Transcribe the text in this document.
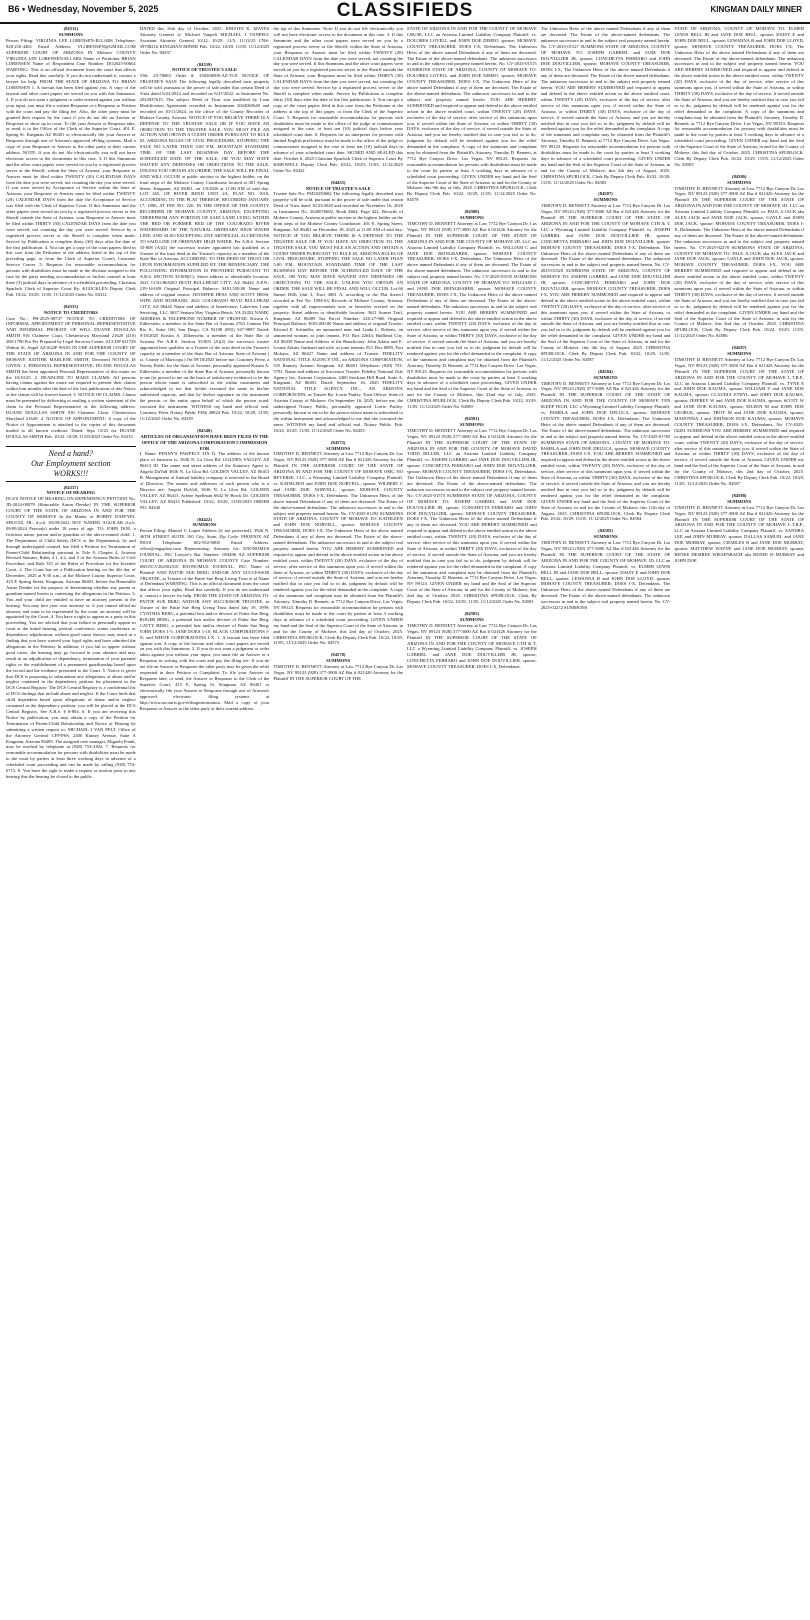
B6 • Wednesday, November 5, 2025	CLASSIFIEDS	KINGMAN DAILY MINER
(84312)
SUMMONS
Person Filing: VIRGINIA LEE LORENSEN-ELLARS Telephone: 928-216-4461 Email Address: VLORENSEN@GMAIL.COM SUPERIOR COURT OF ARIZONA IN Mohave COUNTY VIRGINIA LEE LORENSEN-ELLARS Name of Petitioner BRIAN LORENSEN Name of Respondent Case Number: DO2025-00602 WARNING: This is an official document from the court that affects your rights. Read this carefully. If you do not understand it, contact a lawyer for help. FROM THE STATE OF ARIZONA TO: BRIAN LORENSEN 1. A lawsuit has been filed against you. A copy of the lawsuit and other court papers are served on you with this Summons. 2. If you do not want a judgment or order entered against you without your input, you must file a written Response or a Response to Petition with the court and pay the filing fee. Also, the other party must be granted their request by the court if you do not file an Answer or Response or show up in court. To file your Answer or Response take, or send, it to the Office of the Clerk of the Superior Court, 401 E. Spring St. Kingman AZ 86401 or electronically file your Answer or Response through one of Arizona's approved eFiling systems. Mail a copy of your Response or Answer to the other party at their current address. NOTE: If you do not file electronically you will not have electronic access to the documents in this case. 3. If this Summons and the other court papers were served on you by a registered process server or the Sheriff, within the State of Arizona, your Response or Answer must be filed within TWENTY (20) CALENDAR DAYS from the date you were served, not counting the day you were served. If you were served by Acceptance of Service within the State of Arizona, your Response or Answer must be filed within TWENTY (20) CALENDAR DAYS from the date the Acceptance of Service was filed with the Clerk of Superior Court. If this Summons and the other papers were served on you by a registered process server or the Sheriff outside the State of Arizona, your Response or Answer must be filed within THIRTY (30) CALENDAR DAYS from the date you were served, not counting the day you were served. Service by a registered process server or the Sheriff is complete when made. Service by Publication is complete thirty (30) days after the date of the first publication. 4. You can get a copy of the court papers filed in this case from the Petitioner at the address listed at the top of the preceding page, or from the Clerk of Superior Court's Customer Service Center. 5. Requests for reasonable accommodation for persons with disabilities must be made to the division assigned to the case by the party needing accommodation or his/her counsel at least three (3) judicial days in advance of a scheduled proceeding. Christina Spurlock Clerk of Superior Court By: KGOCKLEN Deputy Clerk Pub. 10/22, 10/29, 11/05, 11/12/2025 Order No. 84312
(84333)
NOTICE TO CREDITORS
Case No.: PB-2025-00737 NOTICE TO CREDITORS OF INFORMAL APPOINTMENT OF PERSONAL REPRESENTATIVE AND INFORMAL PROBATE OF WILL DUANE DOUGLAS SMITH 916 Claimere Court, Chestertown Maryland 21620 (410) 280-1790 Pro Per Prepared by Legal Services Center, ACCDP #31738 Walnut St, Angel AZ1622P 90165 IN THE SUPERIOR COURT OF THE STATE OF ARIZONA IN AND FOR THE COUNTY OF MOHAVE JUDITHE MARLENE SMITH, Deceased NOTICE IS GIVEN: 1. PERSONAL REPRESENTATIVE: DUANE DOUGLAS SMITH has been appointed Personal Representative of this estate on the 10/10/25. 2. DEADLINE TO MAKE CLAIMS: All persons having claims against the estate are required to present their claims within four months after the date of the first publication of this Notice or the claims will be forever barred. 3. NOTICE OF CLAIMS: Claims must be presented by delivering or mailing a written statement of the claim to the Personal Representative at the following address: DUANE DOUGLAS SMITH 916 Claimere Close, Chestertown Maryland 21620. 4. NOTICE OF APPOINTMENT: A copy of the Notice of Appointment is attached to the copies of this document mailed to all known creditors. Dated: Sept 15/25 for DUANE DOUGLAS SMITH Pub. 10/22, 10/29, 11/05/2025 Order No. 84333
Need a hand?
Our Employment section
WORKS!!!
(84337)
NOTICE OF HEARING
DCS'S NOTICE OF HEARING ON DEPENDENCY PETITION No. JD-2024-00079 (Honorable Aaron Demke) IN THE SUPERIOR COURT OF THE STATE OF ARIZONA IN AND FOR THE COUNTY OF MOHAVE In the Matter of BOBBY DAFFYEL SHULTZ, JR., d.o.b. 05/09/2022 NOT NAMED AGUILAR d.o.b. 09/09/2024 Person(s) under 18 years of age. TO: JOHN DOE, a fictitious name, parent and/or guardian of the above-named child. 1. The Department of Child Safety (DCS or the Department), by and through undersigned counsel, has filed a Petition for Termination of Parent-Child Relationship pursuant to Title 8, Chapter 4, Arizona Revised Statutes, Rules 4.1, 4.2, and 5 of the Arizona Rules of Civil Procedure, and Rule 351 of the Rules of Procedure for the Juvenile Court. 2. The Court has set a Publication hearing on the 4th day of December, 2025 at 9:30 a.m., at the Mohave County Superior Court, 415 E Spring Street, Kingman, Arizona 86401, before the Honorable Aaron Demke for the purpose of determining whether any parent or guardian named herein is contesting the allegations in the Petition. 3. You and your child are entitled to have an attorney present at the hearing. You may hire your own attorney or, if you cannot afford an attorney and want to be represented by the court, an attorney will be appointed by the Court. 4. You have a right to appear as a party in this proceeding. You are advised that your failure to personally appear in court at the initial hearing, pretrial conference, status conference or dependency adjudication, without good cause shown, may result in a finding that you have waived your legal rights and have admitted the allegations in the Petition. In addition, if you fail to appear without good cause, the hearing may go forward in your absence and may result in an adjudication of dependency, termination of your parental rights or the establishment of a permanent guardianship based upon the record and the evidence presented to the Court. 5. Notice is given that DCS is proposing to substantiate any allegations of abuse and/or neglect contained in the dependency petition for placement in the DCS Central Registry. The DCS Central Registry is a confidential list of DCS findings that include abuse and neglect. If the Court finds that child dependent based upon allegations of abuse and/or neglect contained in the dependency petition, you will be placed in the DCS Central Registry. See A.R.S. § 8-804. 6. If you are receiving this Notice by publication, you may obtain a copy of the Petition for Termination of Parent-Child Relationship and Notice of Hearing by submitting a written request to: MICHAEL J VAN PELT, Office of the Attorney General CFP/PSS, 2400 Kinney Avenue, Suite A Kingman, Arizona 86409. The assigned case manager, Miguela Frank, may be reached by telephone at (928) 753-2302. 7. Requests for reasonable accommodation for persons with disabilities must be made to the court by parties at least three working days in advance of a scheduled court proceeding and can be made by calling (928) 753-0713. 8. You have the right to make a request or motion prior to any hearing that the hearing be closed to the public.
DATED this 16th day of October, 2025. KRISTIN K. MAYES Attorney General /s/ Michael Vanpelt MICHAEL J VANPELT Assistant Attorney General 10/22, 10/29, 11/5, 11/12/25 CNS-3970821# KINGMAN MINER Pub. 10/22, 10/29, 11/05, 11/12/2025 Order No. 84337
(84339)
NOTICE OF TRUSTEE'S SALE
TS#: 25-78683 Order #: 250200000-AZ-VOI NOTICE OF TRUSTEE'S SALE The following legally described trust property will be sold, pursuant to the power of sale under that certain Deed of Trust dated 6/22/2022 and recorded on 6/27/2022, as Instrument No. 2022037615, The subject Deed of Trust was modified by Loan Modification Agreement recorded as Instrument 2024065649 and recorded on 10/11/2024, in the office of the County Recorder of Mohave County, Arizona. NOTICE! IF YOU BELIEVE THERE IS A DEFENSE TO THE TRUSTEE SALE OR IF YOU HAVE AN OBJECTION TO THE TRUSTEE SALE, YOU MUST FILE AN ACTION AND OBTAIN A COURT ORDER PURSUANT TO RULE 65, ARIZONA RULES OF CIVIL PROCEDURE, STOPPING THE SALE NO LATER THAN 5:00 P.M. MOUNTAIN STANDARD TIME OF THE LAST BUSINESS DAY BEFORE THE SCHEDULED DATE OF THE SALE, OR YOU MAY HAVE WAIVED ANY DEFENSES OR OBJECTIONS TO THE SALE. UNLESS YOU OBTAIN AN ORDER, THE SALE WILL BE FINAL AND WILL OCCUR at public auction to the highest bidder, on the front steps of the Mohave County Courthouse located at 401 Spring Street, Kingman, AZ 86401, on 1/8/2026 at 11:00 AM of said day: LOT 265, OF RIVER BEND UNIT 2A, PLAT NO. 1010, ACCORDING TO THE PLAT THEREOF, RECORDED JANUARY 17, 1986, AT FEE NO. 220, IN THE OFFICE OF THE COUNTY RECORDER OF MOHAVE COUNTY, ARIZONA; EXCEPTING THEREFROM ANY PORTION OF SAID LAND LYING WITHIN THE BED OR FORMER BED OF THE COLORADO RIVER WATERWARD OF THE NATURAL ORDINARY HIGH WATER LINE; AND ALSO EXCEPTING ANY ARTIFICIAL ACCRETIONS TO SAID LINE OF ORDINARY HIGH WATER. Per A.R.S. Section 33-808 (A)(2) the successor trustee appointed has qualified as a Trustee of the trust deed in the Trustee's capacity as a member of the State Bar of Arizona. ACCORDING TO THE DEED OF TRUST OR UPON INFORMATION SUPPLIED BY THE BENEFICIARY. THE FOLLOWING INFORMATION IS PROVIDED PURSUANT TO A.R.S. SECTION 33-808(C): Street address or identifiable location: 2621 COLORADO BLVD BULLHEAD CITY, AZ 86442 A.P.N.: 219-14-049 Original Principal Balance: $181,550.00 Name and address of original trustor: JENNIFER HESS AND SCOTT HESS, WIFE AND HUSBAND, 2621 COLORADO BLVD BULLHEAD CITY, AZ 86442 Name and address of beneficiary: Lakeview Loan Servicing, LLC 3637 Sentara Way Virginia Beach, VA 23452 NAME, ADDRESS & TELEPHONE NUMBER OF TRUSTEE: Kristin A. Zilberstein, a member of the State Bar of Arizona 2763 Camino Del Rio S., Suite 100, San Diego, CA 92108 (855) 347-9887 Dated: 9/18/2025 Kristin A. Zilberstein, a member of the State Bar of Arizona Per A.R.S. Section 33-803 (A)(2) the successor trustee appointed here qualifies as a Trustee of the trust deed in the Trustee's capacity as a member of the State Bar of Arizona. State of Arizona ) ss. County of Maricopa ) On 09/18/2025 before me, Courtney Perez, a Notary Public for the State of Arizona, personally appeared Kristin A. Zilberstein, a member of the State Bar of Arizona, personally known to me (or proved to me on the basis of satisfactory evidence) to be the person whose name is subscribed to the within instrument and acknowledged to me that he/she executed the same in his/her authorized capacity, and that by his/her signature on the instrument the person, or the entity upon behalf of which the person acted, executed the instrument. WITNESS my hand and official seal. Courtney Perez Notary Public FEI# 49824 Pub. 10/22, 10/29, 11/05, 11/12/2025 Order No. 84339
(84340)
ARTICLES OF ORGANIZATION HAVE BEEN FILED IN THE OFFICE OF THE ARIZONA CORPORATION COMMISSION FOR
I. Name: PENNY'S PAWFECT TIX II. The address of the known place of business is: 3636 N. La Gloa Rd. GOLDEN VALLEY, AZ 86413 III. The name and street address of the Statutory Agent is: Angela DuVall 3636 N. La Gloa Rd. GOLDEN VALLEY, AZ 86413 B. Management of limited liability company is reserved to the Board of Directors. The names and addresses of each person who is a Director are: Angela DuVall, 3636 N. La Gloa Rd, GOLDEN VALLEY, AZ 86413, Arlene Spellman 6642 W Brock Dr. GOLDEN VALLEY, AZ 86413 Published: 10/22, 10/29, 11/05/2025 ORDER NO. 84340
(84422)
SUMMONS
Person Filing: Manuel C Lopez Address (if not protected): 3926 N. 46TH STREET SUITE 100 City, State, Zip Code: PHOENIX AZ 85018 Telephone: 602-952-0000 Email Address: office@engaplaw.com Representing: Attorney for: ENONOMUS JOURNAL, INC Lawyer's Bar Number: 004496 AZ SUPERIOR COURT OF ARIZONA IN MOHAVE COUNTY Case Number: S8015CV202502510 ENONOMUS JOURNAL, INC Name of Plaintiff AND PATTIE SUE BERG AND/OR ANY SUCCESSOR TRUSTEE, as Trustee of the Pattie Sue Berg Living Trust et al Name of Defendant WARNING: This is an official document from the court that affects your rights. Read this carefully. If you do not understand it, contact a lawyer for help. FROM THE STATE OF ARIZONA TO: PATTIE SUE BERG AND/OR ANY SUCCESSOR TRUSTEE, as Trustee of the Pattie Sue Berg Living Trust dated July 19, 1999; CYNTHIA BERG, a potential heir and/or devisee of Pattie Sue Berg; ROGER BERG, a potential heir and/or devisee of Pattie Sue Berg; CATTY BERG, a potential heir and/or devisee of Pattie Sue Berg; JOHN DOES 1-5; JANE DOES 1-10; BLACK CORPORATIONS I-X; and WHITE CORPORATIONS I-X. 1. A lawsuit has been filed against you. A copy of the lawsuit and other court papers are served on you with this Summons. 2. If you do not want a judgment or order taken against you without your input, you must file an Answer or a Response in writing with the court and pay the filing fee. If you do not file an Answer or Response the other party may be given the relief requested in their Petition or Complaint. To file your Answer or Response take, or send, the Answer or Response to the Clerk of the Superior Court, 415 E. Spring St. Kingman AZ 86401 or electronically file your Answer or Response through one of Arizona's approved electronic filing systems at http://www.azcourts.gov/efilinginformation. Mail a copy of your Response or Answer to the other party at their current address.
the top of this Summons. Note: If you do not file electronically you will not have electronic access to the document in this case. 3. If this Summons and the other court papers were served on you by a registered process server or the Sheriff, within the State of Arizona, your Response or Answer must be filed within TWENTY (20) CALENDAR DAYS from the date you were served, not counting the day you were served. If this Summons and the other court papers were served on you by a registered process server or the Sheriff outside the State of Arizona, your Response must be filed within THIRTY (30) CALENDAR DAYS from the date you were served, not counting the day you were served. Service by a registered process server or the Sheriff is complete when made. Service by Publication is complete thirty (30) days after the date of the first publication. 4. You can get a copy of the court papers filed in this case from the Petitioner at the address at the top of this paper, or from the Clerk of the Superior Court. 5. Requests for reasonable accommodation for persons with disabilities must be made to the office of the judge or commissioner assigned to the case, at least ten (10) judicial days before your scheduled court date. 6. Requests for an interpreter for persons with limited English proficiency must be made to the office of the judge or commissioner assigned to the case at least ten (10) judicial days in advance of your scheduled court date. SIGNED AND SEALED this date: October 6, 2025 Christina Spurlock Clerk of Superior Court By KSHOWELL Deputy Clerk Pub. 10/22, 10/29, 11/05, 11/12/2025 Order No. 84422
(84455)
NOTICE OF TRUSTEE'S SALE
Trustee Sale No: FM10250682 The following legally described trust property will be sold, pursuant to the power of sale under that certain Deed of Trust dated 10/23/2020 and recorded on November 16, 2020 in Instrument No. 2020076682, Book 4664, Page 422, Records of Mohave County, Arizona at public auction to the highest bidder on the front steps of the Mohave County Courthouse, 401 E. Spring Street, Kingman, AZ 86401 on December 18, 2025 at 11:00 AM of said day: NOTICE! IF YOU BELIEVE THERE IS A DEFENSE TO THE TRUSTEE SALE OR IF YOU HAVE AN OBJECTION TO THE TRUSTEE SALE, YOU MUST FILE AN ACTION AND OBTAIN A COURT ORDER PURSUANT TO RULE 65, ARIZONA RULES OF CIVIL PROCEDURE, STOPPING THE SALE NO LATER THAN 5:00 P.M. MOUNTAIN STANDARD TIME OF THE LAST BUSINESS DAY BEFORE THE SCHEDULED DATE OF THE SALE, OR YOU MAY HAVE WAIVED ANY DEFENSES OR OBJECTIONS TO THE SALE. UNLESS YOU OBTAIN AN ORDER, THE SALE WILL BE FINAL AND WILL OCCUR. Lot 66 Sunset Hills Unit 3, Tract 4061 A, according to the Plat thereof recorded at Fee No. 1994-63, Records of Mohave County, Arizona; together with all improvements now or hereafter erected on the property. Street address or identifiable location: 3621 Sunset Trail, Kingman, AZ 86409 Tax Parcel Number: 226-27-066 Original Principal Balance: $105,000.00 Name and address of original Trustor: Edward E. Schindler, an unmarried man and Linda L. Roberts, an unmarried woman, as joint tenants, P.O. Box 22643, Bullhead City, AZ 86439 Name and Address of the Beneficiary: John Atkins and E. Louise Atkins, husband and wife, as joint tenants, P.O. Box 8085, Fort Mohave, AZ 86427 Name and address of Trustee: FIDELITY NATIONAL TITLE AGENCY INC, an ARIZONA CORPORATION, 535 Ramsey Avenue, Kingman, AZ 86401 Telephone: (928) 753-5791. Name and address of Successor Trustee: Fidelity National Title Agency Inc, Arizona Corporation, 2400 Stockton Hill Road, Suite A, Kingman, AZ 86401. Dated: September 16, 2025 FIDELITY NATIONAL TITLE AGENCY, INC., AN ARIZONA CORPORATION, as Trustee By: Lorrie Pauley, Trust Officer. State of Arizona County of Mohave: On September 16, 2025, before me, the undersigned Notary Public, personally appeared Lorrie Pauley, personally known to me to be the person whose name is subscribed to the within instrument and acknowledged to me that she executed the same. WITNESS my hand and official seal. Notary Public. Pub. 10/22, 10/29, 11/05, 11/12/2025 Order No. 84455
(84575)
SUMMONS
TIMOTHY D. BENNETT Attorney at Law 7712 Rye Canyon Dr. Las Vegas, NV 89123 (928) 377-3000 AZ Bar # 021426 Attorney for the Plaintiff IN THE SUPERIOR COURT OF THE STATE OF ARIZONA IN AND FOR THE COUNTY OF MOHAVE OMG NO REVERSE, LLC, a Wyoming Limited Liability Company Plaintiff, vs. KATHLEEN and JOHN DOE NORVELL, spouse; WILBERT C and JANE DOE NORVELL, spouse; MOHAVE COUNTY TREASURER, DOES I-X, Defendants. The Unknown Heirs of the above named Defendants if any of them are deceased. The Estate of the above-named defendants. The unknown successors in and to the subject real property named herein. No. CV-2025-01292 SUMMONS STATE OF ARIZONA, COUNTY OF MOHAVE TO: KATHLEEN and JOHN DOE NORVELL, spouse; MOHAVE COUNTY TREASURER, DOES I-X, The Unknown Heirs of the above named Defendants if any of them are deceased. The Estate of the above-named defendants. The unknown successors in and to the subject real property named herein. YOU ARE HEREBY SUMMONED and required to appear and defend in the above entitled action in the above entitled court, within TWENTY (20) DAYS, exclusive of the day of service, after service of this summons upon you, if served within the State of Arizona, or within THIRTY (30) DAYS, exclusive of the day of service, if served outside the State of Arizona, and you are hereby notified that in case you fail so to do, judgment by default will be rendered against you for the relief demanded in the complaint. A copy of the summons and complaint may be obtained from the Plaintiff's Attorney, Timothy D. Bennett, at 7712 Rye Canyon Drive, Las Vegas, NV 89123. Requests for reasonable accommodation for persons with disabilities must be made to the court by parties at least 3 working days in advance of a scheduled court proceeding. GIVEN UNDER my hand and the Seal of the Superior Court of the State of Arizona, in and for the County of Mohave, this 2nd day of October, 2025. CHRISTINA SPURLOCK, Clerk By Deputy Clerk Pub. 10/22, 10/29, 11/05, 11/12/2025 Order No. 84575
(84578)
SUMMONS
TIMOTHY D. BENNETT Attorney at Law 7712 Rye Canyon Dr. Las Vegas, NV 89123 (928) 377-3000 AZ Bar # 021426 Attorney for the Plaintiff IN THE SUPERIOR COURT OF THE
STATE OF ARIZONA IN AND FOR THE COUNTY OF MOHAVE CRUSE, LLC an Arizona Limited Liability Company Plaintiff, vs. DOLORES LOVELL and JOHN DOE DIMEO, spouse; MOHAVE COUNTY TREASURER, DOES I-X, Defendants. The Unknown Heirs of the above named Defendants if any of them are deceased. The Estate of the above-named defendants. The unknown successors in and to the subject real property named herein. No. CV-2025-01515 SUMMONS STATE OF ARIZONA, COUNTY OF MOHAVE TO: DOLORES LOVELL and JOHN DOE DIMEO, spouse; MOHAVE COUNTY TREASURER, DOES I-X, The Unknown Heirs of the above named Defendants if any of them are deceased. The Estate of the above-named defendants. The unknown successors in and to the subject real property named herein. YOU ARE HEREBY SUMMONED and required to appear and defend in the above entitled action in the above entitled court, within TWENTY (20) DAYS, exclusive of the day of service, after service of this summons upon you, if served within the State of Arizona, or within THIRTY (30) DAYS, exclusive of the day of service, if served outside the State of Arizona, and you are hereby notified that in case you fail so to do, judgment by default will be rendered against you for the relief demanded in the complaint. A copy of the summons and complaint may be obtained from the Plaintiff's Attorney, Timothy D. Bennett, at 7712 Rye Canyon Drive, Las Vegas, NV 89123. Requests for reasonable accommodation for persons with disabilities must be made to the court by parties at least 3 working days in advance of a scheduled court proceeding. GIVEN UNDER my hand and the Seal of the Superior Court of the State of Arizona, in and for the County of Mohave, this 9th day of July, 2025. CHRISTINA SPURLOCK, Clerk By Deputy Clerk Pub. 10/22, 10/29, 11/05, 11/12/2025 Order No. 84578
(84580)
SUMMONS
TIMOTHY D. BENNETT Attorney at Law 7712 Rye Canyon Dr. Las Vegas, NV 89123 (928) 377-3000 AZ Bar # 021426 Attorney for the Plaintiff IN THE SUPERIOR COURT OF THE STATE OF ARIZONA IN AND FOR THE COUNTY OF MOHAVE 2D, LLC an Arizona Limited Liability Company Plaintiff, vs. WILLIAM C and JANE DOE REINGRABER, spouse; MOHAVE COUNTY TREASURER; DOES I-X, Defendants. The Unknown Heirs of the above named Defendants if any of them are deceased. The Estate of the above-named defendants. The unknown successors in and to the subject real property named herein. No. CV-2025-01535 SUMMONS STATE OF ARIZONA, COUNTY OF MOHAVE TO: WILLIAM C and JANE DOE REINGRABER, spouse; MOHAVE COUNTY TREASURER; DOES I-X, The Unknown Heirs of the above named Defendants if any of them are deceased. The Estate of the above-named defendants. The unknown successors in and to the subject real property named herein. YOU ARE HEREBY SUMMONED and required to appear and defend in the above entitled action in the above entitled court, within TWENTY (20) DAYS, exclusive of the day of service, after service of this summons upon you, if served within the State of Arizona, or within THIRTY (30) DAYS, exclusive of the day of service, if served outside the State of Arizona, and you are hereby notified that in case you fail so to do, judgment by default will be rendered against you for the relief demanded in the complaint. A copy of the summons and complaint may be obtained from the Plaintiff's Attorney, Timothy D. Bennett, at 7712 Rye Canyon Drive, Las Vegas, NV 89123. Requests for reasonable accommodation for persons with disabilities must be made to the court by parties at least 3 working days in advance of a scheduled court proceeding. GIVEN UNDER my hand and the Seal of the Superior Court of the State of Arizona, in and for the County of Mohave, this 22nd day of July, 2025. CHRISTINA SPURLOCK, Clerk By Deputy Clerk Pub. 10/22, 10/29, 11/05, 11/12/2025 Order No. 84580
(84581)
SUMMONS
TIMOTHY D. BENNETT Attorney at Law 7712 Rye Canyon Dr. Las Vegas, NV 89123 (928) 377-3000 AZ Bar # 021426 Attorney for the Plaintiff IN THE SUPERIOR COURT OF THE STATE OF ARIZONA IN AND FOR THE COUNTY OF MOHAVE DAVID TODD BILLER, LLC an Arizona Limited Liability Company Plaintiff, vs. JOSEPH GABRIEL and JANE DOE DOUVILLIER JR, spouse; CONCHETTA FERRARO and JOHN DOE DOUVILLIER, spouse; MOHAVE COUNTY TREASURER, DOES I-X, Defendants. The Unknown Heirs of the above named Defendants if any of them are deceased. The Estate of the above-named defendants. The unknown successors in and to the subject real property named herein. No. CV-2025-01575 SUMMONS STATE OF ARIZONA, COUNTY OF MOHAVE TO: JOSEPH GABRIEL and JANE DOE DOUVILLIER JR, spouse; CONCHETTA FERRARO and JOHN DOE DOUVILLIER, spouse; MOHAVE COUNTY TREASURER, DOES I-X, The Unknown Heirs of the above named Defendants if any of them are deceased. YOU ARE HEREBY SUMMONED and required to appear and defend in the above entitled action in the above entitled court, within TWENTY (20) DAYS, exclusive of the day of service, after service of this summons upon you, if served within the State of Arizona, or within THIRTY (30) DAYS, exclusive of the day of service, if served outside the State of Arizona, and you are hereby notified that in case you fail so to do, judgment by default will be rendered against you for the relief demanded in the complaint. A copy of the summons and complaint may be obtained from the Plaintiff's Attorney, Timothy D. Bennett, at 7712 Rye Canyon Drive, Las Vegas, NV 89123. GIVEN UNDER my hand and the Seal of the Superior Court of the State of Arizona, in and for the County of Mohave, this 2nd day of October, 2025. CHRISTINA SPURLOCK, Clerk By Deputy Clerk Pub. 10/22, 10/29, 11/05, 11/12/2025 Order No. 84581
(84583)
SUMMONS
TIMOTHY D. BENNETT Attorney at Law 7712 Rye Canyon Dr. Las Vegas, NV 89123 (928) 377-3000 AZ Bar # 021426 Attorney for the Plaintiff IN THE SUPERIOR COURT OF THE STATE OF ARIZONA IN AND FOR THE COUNTY OF MOHAVE CTH & T, LLC a Wyoming Limited Liability Company Plaintiff, vs. JOSEPH GABRIEL and JANE DOE DOUVILLIER JR, spouse; CONCHETTA FERRARO and JOHN DOE DOUVILLIER, spouse; MOHAVE COUNTY TREASURER, DOES I-X, Defendants.
The Unknown Heirs of the above named Defendants if any of them are deceased. The Estate of the above-named defendants. The unknown successors in and to the subject real property named herein. No. CV-2025-01527 SUMMONS STATE OF ARIZONA, COUNTY OF MOHAVE TO: JOSEPH GABRIEL and JANE DOE DOUVILLIER JR, spouse; CONCHETTA FERRARO and JOHN DOE DOUVILLIER, spouse; MOHAVE COUNTY TREASURER, DOES I-X, The Unknown Heirs of the above named Defendants if any of them are deceased. The Estate of the above-named defendants. The unknown successors in and to the subject real property named herein. YOU ARE HEREBY SUMMONED and required to appear and defend in the above entitled action in the above entitled court, within TWENTY (20) DAYS, exclusive of the day of service, after service of this summons upon you, if served within the State of Arizona, or within THIRTY (30) DAYS, exclusive of the day of service, if served outside the State of Arizona, and you are hereby notified that in case you fail so to do, judgment by default will be rendered against you for the relief demanded in the complaint. A copy of the summons and complaint may be obtained from the Plaintiff's Attorney, Timothy D. Bennett, at 7712 Rye Canyon Drive, Las Vegas, NV 89123. Requests for reasonable accommodation for persons with disabilities must be made to the court by parties at least 3 working days in advance of a scheduled court proceeding. GIVEN UNDER my hand and the Seal of the Superior Court of the State of Arizona, in and for the County of Mohave, this 4th day of August, 2025. CHRISTINA SPURLOCK, Clerk By Deputy Clerk Pub. 10/22, 10/29, 11/05, 11/12/2025 Order No. 84583
(84587)
SUMMONS
TIMOTHY D. BENNETT Attorney at Law 7712 Rye Canyon Dr. Las Vegas, NV 89123 (928) 377-3000 AZ Bar # 021426 Attorney for the Plaintiff IN THE SUPERIOR COURT OF THE STATE OF ARIZONA IN AND FOR THE COUNTY OF MOHAVE CTH & T, LLC a Wyoming Limited Liability Company Plaintiff, vs. JOSEPH GABRIEL and JANE DOE DOUVILLIER JR, spouse; CONCHETTA FERRARO and JOHN DOE DOUVILLIER, spouse; MOHAVE COUNTY TREASURER, DOES I-X, Defendants. The Unknown Heirs of the above named Defendants if any of them are deceased. The Estate of the above-named defendants. The unknown successors in and to the subject real property named herein. No. CV-2025-01528 SUMMONS STATE OF ARIZONA, COUNTY OF MOHAVE TO: JOSEPH GABRIEL and JANE DOE DOUVILLIER JR, spouse; CONCHETTA FERRARO and JOHN DOE DOUVILLIER, spouse; MOHAVE COUNTY TREASURER, DOES I-X, YOU ARE HEREBY SUMMONED and required to appear and defend in the above entitled action in the above entitled court, within TWENTY (20) DAYS, exclusive of the day of service, after service of this summons upon you, if served within the State of Arizona, or within THIRTY (30) DAYS, exclusive of the day of service, if served outside the State of Arizona, and you are hereby notified that in case you fail so to do, judgment by default will be rendered against you for the relief demanded in the complaint. GIVEN UNDER my hand and the Seal of the Superior Court of the State of Arizona, in and for the County of Mohave, this 4th day of August, 2025. CHRISTINA SPURLOCK, Clerk By Deputy Clerk Pub. 10/22, 10/29, 11/05, 11/12/2025 Order No. 84587
(84584)
SUMMONS
TIMOTHY D. BENNETT Attorney at Law 7712 Rye Canyon Dr. Las Vegas, NV 89123 (928) 377-3000 AZ Bar # 021426 Attorney for the Plaintiff IN THE SUPERIOR COURT OF THE STATE OF ARIZONA IN AND FOR THE COUNTY OF MOHAVE TEN SLEEP TECH, LLC a Wyoming Limited Liability Company Plaintiff, vs. PAMELA and JOHN DOE DELUCA, spouse; MOHAVE COUNTY TREASURER; DOES I-X, Defendants. The Unknown Heirs of the above named Defendants if any of them are deceased. The Estate of the above-named defendants. The unknown successors in and to the subject real property named herein. No. CV-2025-01765 SUMMONS STATE OF ARIZONA, COUNTY OF MOHAVE TO: PAMELA and JOHN DOE DELUCA, spouse; MOHAVE COUNTY TREASURER; DOES I-X, YOU ARE HEREBY SUMMONED and required to appear and defend in the above entitled action in the above entitled court, within TWENTY (20) DAYS, exclusive of the day of service, after service of this summons upon you, if served within the State of Arizona, or within THIRTY (30) DAYS, exclusive of the day of service, if served outside the State of Arizona, and you are hereby notified that in case you fail so to do, judgment by default will be rendered against you for the relief demanded in the complaint. GIVEN UNDER my hand and the Seal of the Superior Court of the State of Arizona, in and for the County of Mohave, this 11th day of August, 2025. CHRISTINA SPURLOCK, Clerk By Deputy Clerk Pub. 10/22, 10/29, 11/05, 11/12/2025 Order No. 84584
(84585)
SUMMONS
TIMOTHY D. BENNETT Attorney at Law 7712 Rye Canyon Dr. Las Vegas, NV 89123 (928) 377-3000 AZ Bar # 021426 Attorney for the Plaintiff IN THE SUPERIOR COURT OF THE STATE OF ARIZONA IN AND FOR THE COUNTY OF MOHAVE 1D, LLC an Arizona Limited Liability Company Plaintiff, vs. ELMER LEWIS BELL JR and JANE DOE BELL, spouse; DAISY E and JOHN DOE BELL, spouse; LEWANNA B and JOHN DOE LLOYD, spouse; MOHAVE COUNTY TREASURER; DOES I-X, Defendants. The Unknown Heirs of the above named Defendants if any of them are deceased. The Estate of the above-named defendants. The unknown successors in and to the subject real property named herein. No. CV-2025-02272 SUMMONS
STATE OF ARIZONA, COUNTY OF MOHAVE TO: ELMER LEWIS BELL JR and JANE DOE BELL, spouse; DAISY E and JOHN DOE BELL, spouse; LEWANNA B and JOHN DOE LLOYD, spouse; MOHAVE COUNTY TREASURER, DOES I-X, The Unknown Heirs of the above named Defendants if any of them are deceased. The Estate of the above-named defendants. The unknown successors in and to the subject real property named herein. YOU ARE HEREBY SUMMONED and required to appear and defend in the above entitled action in the above entitled court, within TWENTY (20) DAYS, exclusive of the day of service, after service of this summons upon you, if served within the State of Arizona, or within THIRTY (30) DAYS, exclusive of the day of service, if served outside the State of Arizona, and you are hereby notified that in case you fail so to do, judgment by default will be rendered against you for the relief demanded in the complaint. A copy of the summons and complaint may be obtained from the Plaintiff's Attorney, Timothy D. Bennett, at 7712 Rye Canyon Drive, Las Vegas, NV 89123. Requests for reasonable accommodation for persons with disabilities must be made to the court by parties at least 3 working days in advance of a scheduled court proceeding. GIVEN UNDER my hand and the Seal of the Superior Court of the State of Arizona, in and for the County of Mohave, this 2nd day of October, 2025. CHRISTINA SPURLOCK, Clerk By Deputy Clerk Pub. 10/22, 10/29, 11/05, 11/12/2025 Order No. 84585
(84586)
SUMMONS
TIMOTHY D. BENNETT Attorney at Law 7712 Rye Canyon Dr. Las Vegas, NV 89123 (928) 377-3000 AZ Bar # 021426 Attorney for the Plaintiff IN THE SUPERIOR COURT OF THE STATE OF ARIZONA IN AND FOR THE COUNTY OF MOHAVE 1D, LLC an Arizona Limited Liability Company Plaintiff, vs. PAUL A JACK aka ALEX JACK and JANE DOE JACK, spouse; GAYLE and JOHN DOE JACK, spouse; MOHAVE COUNTY TREASURER, DOES I-X, Defendants. The Unknown Heirs of the above named Defendants if any of them are deceased. The Estate of the above-named defendants. The unknown successors in and to the subject real property named herein. No. CV-2025-02278 SUMMONS STATE OF ARIZONA, COUNTY OF MOHAVE TO: PAUL A JACK aka ALEX JACK and JANE DOE JACK, spouse; GAYLE and JOHN DOE JACK, spouse; MOHAVE COUNTY TREASURER, DOES I-X, YOU ARE HEREBY SUMMONED and required to appear and defend in the above entitled action in the above entitled court, within TWENTY (20) DAYS, exclusive of the day of service, after service of this summons upon you, if served within the State of Arizona, or within THIRTY (30) DAYS, exclusive of the day of service, if served outside the State of Arizona, and you are hereby notified that in case you fail so to do, judgment by default will be rendered against you for the relief demanded in the complaint. GIVEN UNDER my hand and the Seal of the Superior Court of the State of Arizona, in and for the County of Mohave, this 2nd day of October, 2025. CHRISTINA SPURLOCK, Clerk By Deputy Clerk Pub. 10/22, 10/29, 11/05, 11/12/2025 Order No. 84586
(84587)
SUMMONS
TIMOTHY D. BENNETT Attorney at Law 7712 Rye Canyon Dr. Las Vegas, NV 89123 (928) 377-3000 AZ Bar # 021426 Attorney for the Plaintiff IN THE SUPERIOR COURT OF THE STATE OF ARIZONA IN AND FOR THE COUNTY OF MOHAVE L.T.B.P., LLC an Arizona Limited Liability Company Plaintiff, vs. TYNE E and JOHN DOE KAUMA, spouse; WILLIAM V and JANE DOE KAUMA, spouse; CLAUDIA ETHYL and JOHN DOE KAUMA, spouse; JEFFREY W and JANE DOE KAUMA, spouse; SCOTT W and JANE DOE KAUMA, spouse; EILEEN M and JOHN DOE GEORGE, spouse; TROY M and JANE DOE KAUMA, spouse; MADONNA J and JOHNSON DOE KAUMA, spouse; MOHAVE COUNTY TREASURER, DOES I-X, Defendants. No. CV-2025-02281 SUMMONS YOU ARE HEREBY SUMMONED and required to appear and defend in the above entitled action in the above entitled court, within TWENTY (20) DAYS, exclusive of the day of service, after service of this summons upon you, if served within the State of Arizona, or within THIRTY (30) DAYS, exclusive of the day of service, if served outside the State of Arizona. GIVEN UNDER my hand and the Seal of the Superior Court of the State of Arizona, in and for the County of Mohave, this 2nd day of October, 2025. CHRISTINA SPURLOCK, Clerk By Deputy Clerk Pub. 10/22, 10/29, 11/05, 11/12/2025 Order No. 84587
(84588)
SUMMONS
TIMOTHY D. BENNETT Attorney at Law 7712 Rye Canyon Dr. Las Vegas, NV 89123 (928) 377-3000 AZ Bar # 021426 Attorney for the Plaintiff IN THE SUPERIOR COURT OF THE STATE OF ARIZONA IN AND FOR THE COUNTY OF MOHAVE L.T.B.P., LLC an Arizona Limited Liability Company Plaintiff, vs. SANDRA LEE and JOHN MURRAY, spouse; DALLAS SAMUEL and JANE DOE MURRAY, spouse; CHARLES R and JANE DOE MURRAY, spouse; MATTHEW WAYNE and JANE DOE MURRAY, spouse; RENEE DESIREE WIESENBACH aka RENEE D MURRAY and JOHN DOE
